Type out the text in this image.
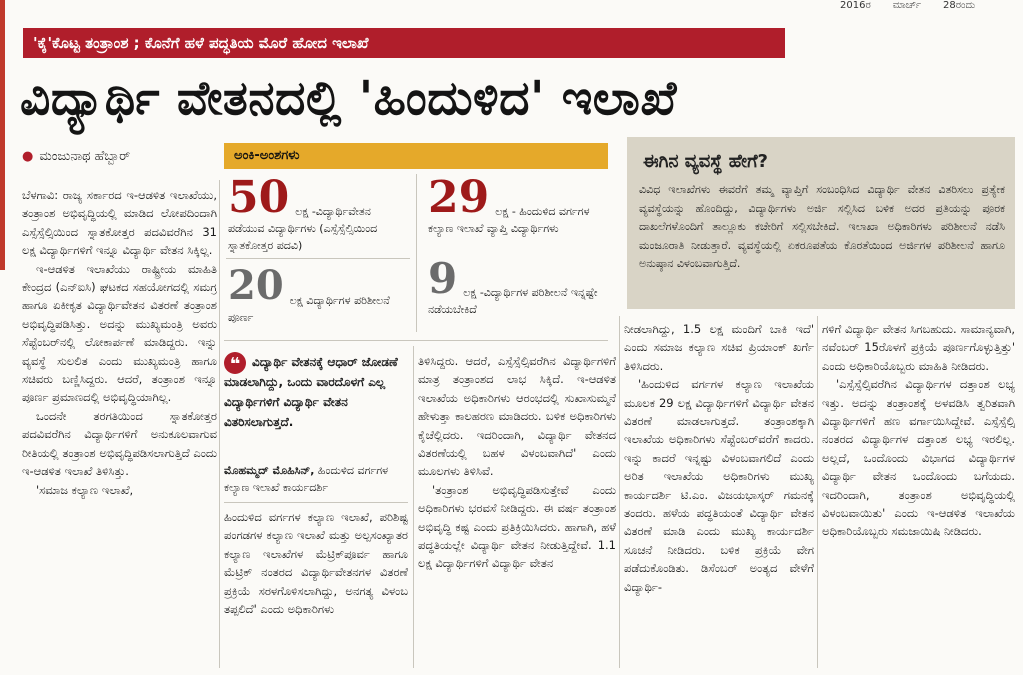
2016ರ ಮಾರ್ಚ್ 28ರಂದು
'ಕೈ'ಕೊಟ್ಟ ತಂತ್ರಾಂಶ ; ಕೊನೆಗೆ ಹಳೆ ಪದ್ಧತಿಯ ಮೊರೆ ಹೋದ ಇಲಾಖೆ
ವಿದ್ಯಾರ್ಥಿ ವೇತನದಲ್ಲಿ 'ಹಿಂದುಳಿದ' ಇಲಾಖೆ
● ಮಂಜುನಾಥ ಹೆಬ್ಬಾರ್

ಬೆಳಗಾವಿ: ರಾಜ್ಯ ಸರ್ಕಾರದ ಇ-ಆಡಳಿತ ಇಲಾಖೆಯು, ತಂತ್ರಾಂಶ ಅಭಿವೃದ್ಧಿಯಲ್ಲಿ ಮಾಡಿದ ಲೋಪದಿಂದಾಗಿ ಎಸ್ಸೆಸ್ಸೆಲ್ಸಿಯಿಂದ ಸ್ನಾತಕೋತ್ತರ ಪದವಿವರೆಗಿನ 31 ಲಕ್ಷ ವಿದ್ಯಾರ್ಥಿಗಳಿಗೆ ಇನ್ನೂ ವಿದ್ಯಾರ್ಥಿ ವೇತನ ಸಿಕ್ಕಿಲ್ಲ.

ಇ-ಆಡಳಿತ ಇಲಾಖೆಯು ರಾಷ್ಟ್ರೀಯ ಮಾಹಿತಿ ಕೇಂದ್ರದ (ಎನ್‌ಐಸಿ) ಘಟಕದ ಸಹಯೋಗದಲ್ಲಿ ಸಮಗ್ರ ಹಾಗೂ ಏಕೀಕೃತ ವಿದ್ಯಾರ್ಥಿವೇತನ ವಿತರಣೆ ತಂತ್ರಾಂಶ ಅಭಿವೃದ್ಧಿಪಡಿಸಿತ್ತು. ಅದನ್ನು ಮುಖ್ಯಮಂತ್ರಿ ಅವರು ಸೆಪ್ಟೆಂಬರ್‌ನಲ್ಲಿ ಲೋಕಾರ್ಪಣೆ ಮಾಡಿದ್ದರು. ಇನ್ನು ವ್ಯವಸ್ಥೆ ಸುಲಲಿತ ಎಂದು ಮುಖ್ಯಮಂತ್ರಿ ಹಾಗೂ ಸಚಿವರು ಬಣ್ಣಿಸಿದ್ದರು. ಆದರೆ, ತಂತ್ರಾಂಶ ಇನ್ನೂ ಪೂರ್ಣ ಪ್ರಮಾಣದಲ್ಲಿ ಅಭಿವೃದ್ಧಿಯಾಗಿಲ್ಲ.

ಒಂದನೇ ತರಗತಿಯಿಂದ ಸ್ನಾತಕೋತ್ತರ ಪದವಿವರೆಗಿನ ವಿದ್ಯಾರ್ಥಿಗಳಿಗೆ ಅನುಕೂಲವಾಗುವ ರೀತಿಯಲ್ಲಿ ತಂತ್ರಾಂಶ ಅಭಿವೃದ್ಧಿಪಡಿಸಲಾಗುತ್ತಿದೆ ಎಂದು ಇ-ಆಡಳಿತ ಇಲಾಖೆ ತಿಳಿಸಿತ್ತು.

'ಸಮಾಜ ಕಲ್ಯಾಣ ಇಲಾಖೆ,

ಅಂಕಿ-ಅಂಶಗಳು
50 ಲಕ್ಷ -ವಿದ್ಯಾರ್ಥಿವೇತನ ಪಡೆಯುವ ವಿದ್ಯಾರ್ಥಿಗಳು (ಎಸ್ಸೆಸ್ಸೆಲ್ಸಿಯಿಂದ ಸ್ನಾತಕೋತ್ತರ ಪದವಿ)
29 ಲಕ್ಷ - ಹಿಂದುಳಿದ ವರ್ಗಗಳ ಕಲ್ಯಾಣ ಇಲಾಖೆ ವ್ಯಾಪ್ತಿ ವಿದ್ಯಾರ್ಥಿಗಳು
20 ಲಕ್ಷ ವಿದ್ಯಾರ್ಥಿಗಳ ಪರಿಶೀಲನೆ ಪೂರ್ಣ
9 ಲಕ್ಷ -ವಿದ್ಯಾರ್ಥಿಗಳ ಪರಿಶೀಲನೆ ಇನ್ನಷ್ಟೇ ನಡೆಯಬೇಕಿದೆ
ಈಗಿನ ವ್ಯವಸ್ಥೆ ಹೇಗೆ?
ವಿವಿಧ ಇಲಾಖೆಗಳು ಈವರೆಗೆ ತಮ್ಮ ವ್ಯಾಪ್ತಿಗೆ ಸಂಬಂಧಿಸಿದ ವಿದ್ಯಾರ್ಥಿ ವೇತನ ವಿತರಿಸಲು ಪ್ರತ್ಯೇಕ ವ್ಯವಸ್ಥೆಯನ್ನು ಹೊಂದಿದ್ದು, ವಿದ್ಯಾರ್ಥಿಗಳು ಅರ್ಜಿ ಸಲ್ಲಿಸಿದ ಬಳಿಕ ಅದರ ಪ್ರತಿಯನ್ನು ಪೂರಕ ದಾಖಲೆಗಳೊಂದಿಗೆ ತಾಲ್ಲೂಕು ಕಚೇರಿಗೆ ಸಲ್ಲಿಸಬೇಕಿದೆ. ಇಲಾಖಾ ಅಧಿಕಾರಿಗಳು ಪರಿಶೀಲನೆ ನಡೆಸಿ ಮಂಜೂರಾತಿ ನೀಡುತ್ತಾರೆ. ವ್ಯವಸ್ಥೆಯಲ್ಲಿ ಏಕರೂಪತೆಯ ಕೊರತೆಯಿಂದ ಅರ್ಜಿಗಳ ಪರಿಶೀಲನೆ ಹಾಗೂ ಅನುಷ್ಠಾನ ವಿಳಂಬವಾಗುತ್ತಿದೆ.
❝ ವಿದ್ಯಾರ್ಥಿ ವೇತನಕ್ಕೆ ಆಧಾರ್ ಜೋಡಣೆ ಮಾಡಲಾಗಿದ್ದು, ಒಂದು ವಾರದೊಳಗೆ ಎಲ್ಲ ವಿದ್ಯಾರ್ಥಿಗಳಿಗೆ ವಿದ್ಯಾರ್ಥಿ ವೇತನ ವಿತರಿಸಲಾಗುತ್ತದೆ.
ಮೊಹಮ್ಮದ್ ಮೊಹಿಸಿನ್, ಹಿಂದುಳಿದ ವರ್ಗಗಳ ಕಲ್ಯಾಣ ಇಲಾಖೆ ಕಾರ್ಯದರ್ಶಿ
ಹಿಂದುಳಿದ ವರ್ಗಗಳ ಕಲ್ಯಾಣ ಇಲಾಖೆ, ಪರಿಶಿಷ್ಟ ಪಂಗಡಗಳ ಕಲ್ಯಾಣ ಇಲಾಖೆ ಮತ್ತು ಅಲ್ಪಸಂಖ್ಯಾತರ ಕಲ್ಯಾಣ ಇಲಾಖೆಗಳ ಮೆಟ್ರಿಕ್‌ಪೂರ್ವ ಹಾಗೂ ಮೆಟ್ರಿಕ್ ನಂತರದ ವಿದ್ಯಾರ್ಥಿವೇತನಗಳ ವಿತರಣೆ ಪ್ರಕ್ರಿಯೆ ಸರಳಗೊಳಿಸಲಾಗಿದ್ದು, ಅನಗತ್ಯ ವಿಳಂಬ ತಪ್ಪಲಿದೆ' ಎಂದು ಅಧಿಕಾರಿಗಳು

ತಿಳಿಸಿದ್ದರು. ಆದರೆ, ಎಸ್ಸೆಸ್ಸೆಲ್ಸಿವರೆಗಿನ ವಿದ್ಯಾರ್ಥಿಗಳಿಗೆ ಮಾತ್ರ ತಂತ್ರಾಂಶದ ಲಾಭ ಸಿಕ್ಕಿದೆ. ಇ-ಆಡಳಿತ ಇಲಾಖೆಯ ಅಧಿಕಾರಿಗಳು ಆರಂಭದಲ್ಲಿ ಸುಖಾಸುಮ್ಮನೆ ಹೇಳುತ್ತಾ ಕಾಲಹರಣ ಮಾಡಿದರು. ಬಳಿಕ ಅಧಿಕಾರಿಗಳು ಕೈಚೆಲ್ಲಿದರು. ಇದರಿಂದಾಗಿ, ವಿದ್ಯಾರ್ಥಿ ವೇತನದ ವಿತರಣೆಯಲ್ಲಿ ಬಹಳ ವಿಳಂಬವಾಗಿದೆ' ಎಂದು ಮೂಲಗಳು ತಿಳಿಸಿವೆ.

'ತಂತ್ರಾಂಶ ಅಭಿವೃದ್ಧಿಪಡಿಸುತ್ತೇವೆ ಎಂದು ಅಧಿಕಾರಿಗಳು ಭರವಸೆ ನೀಡಿದ್ದರು. ಈ ವರ್ಷ ತಂತ್ರಾಂಶ ಅಭಿವೃದ್ಧಿ ಕಷ್ಟ ಎಂದು ಪ್ರತಿಕ್ರಿಯಿಸಿದರು. ಹಾಗಾಗಿ, ಹಳೆ ಪದ್ಧತಿಯಲ್ಲೇ ವಿದ್ಯಾರ್ಥಿ ವೇತನ ನೀಡುತ್ತಿದ್ದೇವೆ. 1.1 ಲಕ್ಷ ವಿದ್ಯಾರ್ಥಿಗಳಿಗೆ ವಿದ್ಯಾರ್ಥಿ ವೇತನ

ನೀಡಲಾಗಿದ್ದು, 1.5 ಲಕ್ಷ ಮಂದಿಗೆ ಬಾಕಿ ಇದೆ' ಎಂದು ಸಮಾಜ ಕಲ್ಯಾಣ ಸಚಿವ ಪ್ರಿಯಾಂಕ್ ಖರ್ಗೆ ತಿಳಿಸಿದರು.

'ಹಿಂದುಳಿದ ವರ್ಗಗಳ ಕಲ್ಯಾಣ ಇಲಾಖೆಯ ಮೂಲಕ 29 ಲಕ್ಷ ವಿದ್ಯಾರ್ಥಿಗಳಿಗೆ ವಿದ್ಯಾರ್ಥಿ ವೇತನ ವಿತರಣೆ ಮಾಡಲಾಗುತ್ತದೆ. ತಂತ್ರಾಂಶಕ್ಕಾಗಿ ಇಲಾಖೆಯ ಅಧಿಕಾರಿಗಳು ಸೆಪ್ಟೆಂಬರ್‌ವರೆಗೆ ಕಾದರು. ಇನ್ನು ಕಾದರೆ ಇನ್ನಷ್ಟು ವಿಳಂಬವಾಗಲಿದೆ ಎಂದು ಅರಿತ ಇಲಾಖೆಯ ಅಧಿಕಾರಿಗಳು ಮುಖ್ಯ ಕಾರ್ಯದರ್ಶಿ ಟಿ.ಎಂ. ವಿಜಯಭಾಸ್ಕರ್ ಗಮನಕ್ಕೆ ತಂದರು. ಹಳೆಯ ಪದ್ಧತಿಯಂತೆ ವಿದ್ಯಾರ್ಥಿ ವೇತನ ವಿತರಣೆ ಮಾಡಿ ಎಂದು ಮುಖ್ಯ ಕಾರ್ಯದರ್ಶಿ ಸೂಚನೆ ನೀಡಿದರು. ಬಳಿಕ ಪ್ರಕ್ರಿಯೆ ವೇಗ ಪಡೆದುಕೊಂಡಿತು. ಡಿಸೆಂಬರ್ ಅಂತ್ಯದ ವೇಳೆಗೆ ವಿದ್ಯಾರ್ಥಿ-

ಗಳಿಗೆ ವಿದ್ಯಾರ್ಥಿ ವೇತನ ಸಿಗಬಹುದು. ಸಾಮಾನ್ಯವಾಗಿ, ನವೆಂಬರ್ 15ರೊಳಗೆ ಪ್ರಕ್ರಿಯೆ ಪೂರ್ಣಗೊಳ್ಳುತ್ತಿತ್ತು' ಎಂದು ಅಧಿಕಾರಿಯೊಬ್ಬರು ಮಾಹಿತಿ ನೀಡಿದರು.

'ಎಸ್ಸೆಸ್ಸೆಲ್ಸಿವರೆಗಿನ ವಿದ್ಯಾರ್ಥಿಗಳ ದತ್ತಾಂಶ ಲಭ್ಯ ಇತ್ತು. ಅದನ್ನು ತಂತ್ರಾಂಶಕ್ಕೆ ಅಳವಡಿಸಿ ತ್ವರಿತವಾಗಿ ವಿದ್ಯಾರ್ಥಿಗಳಿಗೆ ಹಣ ವರ್ಗಾಯಿಸಿದ್ದೇವೆ. ಎಸ್ಸೆಸ್ಸೆಲ್ಸಿ ನಂತರದ ವಿದ್ಯಾರ್ಥಿಗಳ ದತ್ತಾಂಶ ಲಭ್ಯ ಇರಲಿಲ್ಲ. ಅಲ್ಲದೆ, ಒಂದೊಂದು ವಿಭಾಗದ ವಿದ್ಯಾರ್ಥಿಗಳ ವಿದ್ಯಾರ್ಥಿ ವೇತನ ಒಂದೊಂದು ಬಗೆಯದು. ಇದರಿಂದಾಗಿ, ತಂತ್ರಾಂಶ ಅಭಿವೃದ್ಧಿಯಲ್ಲಿ ವಿಳಂಬವಾಯಿತು' ಎಂದು ಇ-ಆಡಳಿತ ಇಲಾಖೆಯ ಅಧಿಕಾರಿಯೊಬ್ಬರು ಸಮಜಾಯಿಷಿ ನೀಡಿದರು.
